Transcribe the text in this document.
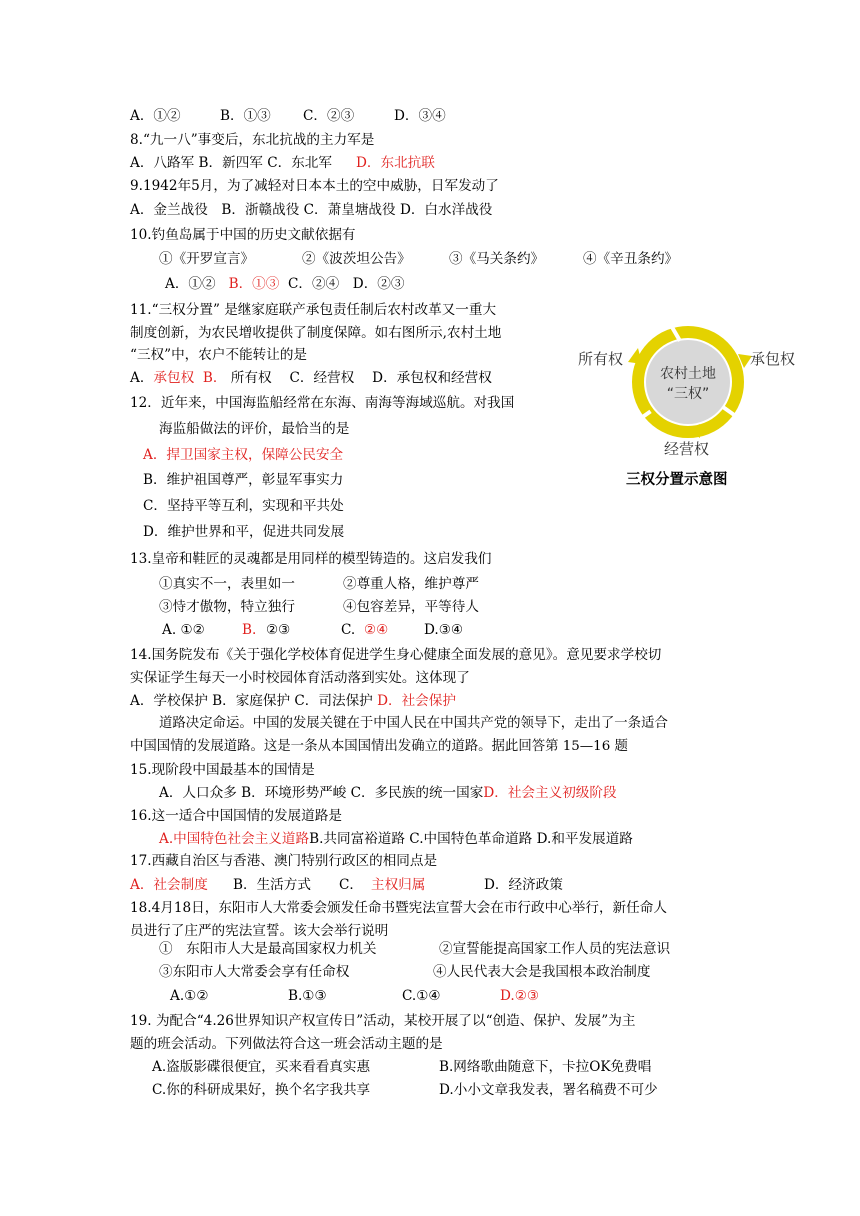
A．①②	B．①③ C．②③	D．③④
8.“九一八”事变后，东北抗战的主力军是
A．八路军 B．新四军 C．东北军 D．东北抗联
9.1942年5月，为了减轻对日本本土的空中威胁，日军发动了
A．金兰战役　B．浙赣战役 C．萧皇塘战役 D．白水洋战役
10.钓鱼岛属于中国的历史文献依据有
①《开罗宣言》	②《波茨坦公告》	③《马关条约》	④《辛丑条约》
A．①② B．①③ C．②④　D．②③
11.“三权分置” 是继家庭联产承包责任制后农村改革又一重大
制度创新，为农民增收提供了制度保障。如右图所示,农村土地
“三权”中，农户不能转让的是
A．承包权 B． 所有权　 C．经营权　 D．承包权和经营权	农村土地
“三权”
所有权	承包权
经营权
三权分置示意图
12．近年来，中国海监船经常在东海、南海等海域巡航。对我国
海监船做法的评价，最恰当的是
A．捍卫国家主权，保障公民安全
B．维护祖国尊严，彰显军事实力
C．坚持平等互利，实现和平共处
D．维护世界和平，促进共同发展
13.皇帝和鞋匠的灵魂都是用同样的模型铸造的。这启发我们
①真实不一，表里如一	②尊重人格，维护尊严
③恃才傲物，特立独行	④包容差异，平等待人
A. ①②	B. ②③	C. ②④	D.③④
14.国务院发布《关于强化学校体育促进学生身心健康全面发展的意见》。意见要求学校切
实保证学生每天一小时校园体育活动落到实处。这体现了
A．学校保护 B．家庭保护 C．司法保护 D．社会保护
道路决定命运。中国的发展关键在于中国人民在中国共产党的领导下，走出了一条适合
中国国情的发展道路。这是一条从本国国情出发确立的道路。据此回答第 15—16 题
15.现阶段中国最基本的国情是
A．人口众多 B．环境形势严峻 C．多民族的统一国家D．社会主义初级阶段
16.这一适合中国国情的发展道路是
A.中国特色社会主义道路B.共同富裕道路 C.中国特色革命道路 D.和平发展道路
17.西藏自治区与香港、澳门特别行政区的相同点是
A．社会制度 B．生活方式 C． 主权归属	D．经济政策
18.4月18日，东阳市人大常委会颁发任命书暨宪法宣誓大会在市行政中心举行，新任命人
员进行了庄严的宪法宣誓。该大会举行说明
①　东阳市人大是最高国家权力机关	②宣誓能提高国家工作人员的宪法意识
③东阳市人大常委会享有任命权	④人民代表大会是我国根本政治制度
A.①②	B.①③	C.①④	D.②③
19. 为配合“4.26世界知识产权宣传日”活动，某校开展了以“创造、保护、发展”为主
题的班会活动。下列做法符合这一班会活动主题的是
A.盗版影碟很便宜，买来看看真实惠	B.网络歌曲随意下，卡拉OK免费唱
C.你的科研成果好，换个名字我共享	D.小小文章我发表，署名稿费不可少
